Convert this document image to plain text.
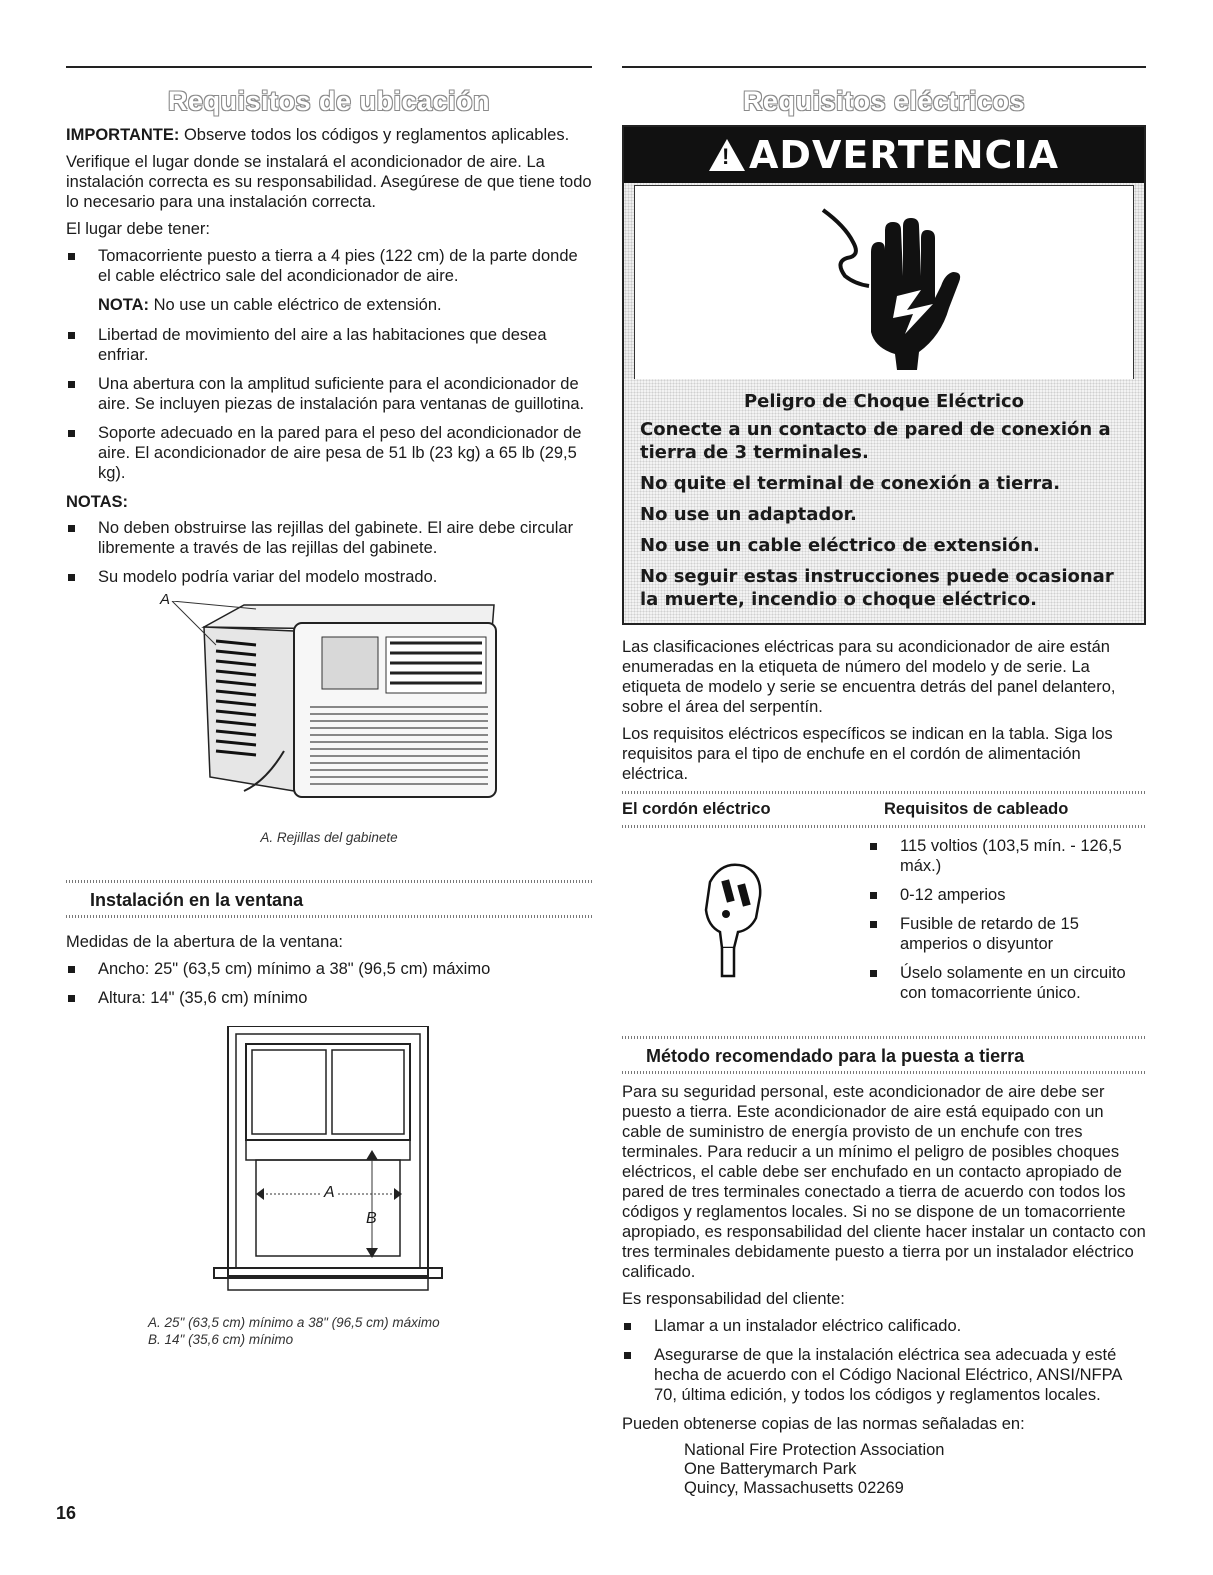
Requisitos de ubicación

IMPORTANTE: Observe todos los códigos y reglamentos aplicables.

Verifique el lugar donde se instalará el acondicionador de aire. La instalación correcta es su responsabilidad. Asegúrese de que tiene todo lo necesario para una instalación correcta.

El lugar debe tener:

Tomacorriente puesto a tierra a 4 pies (122 cm) de la parte donde el cable eléctrico sale del acondicionador de aire.

NOTA: No use un cable eléctrico de extensión.

Libertad de movimiento del aire a las habitaciones que desea enfriar.
Una abertura con la amplitud suficiente para el acondicionador de aire. Se incluyen piezas de instalación para ventanas de guillotina.
Soporte adecuado en la pared para el peso del acondicionador de aire. El acondicionador de aire pesa de 51 lb (23 kg) a 65 lb (29,5 kg).

NOTAS:

No deben obstruirse las rejillas del gabinete. El aire debe circular libremente a través de las rejillas del gabinete.
Su modelo podría variar del modelo mostrado.
A
A. Rejillas del gabinete
Instalación en la ventana

Medidas de la abertura de la ventana:

Ancho: 25" (63,5 cm) mínimo a 38" (96,5 cm) máximo
Altura: 14" (35,6 cm) mínimo
A
B
A. 25" (63,5 cm) mínimo a 38" (96,5 cm) máximo
B. 14" (35,6 cm) mínimo
Requisitos eléctricos
! ADVERTENCIA
Peligro de Choque Eléctrico
Conecte a un contacto de pared de conexión a tierra de 3 terminales.
No quite el terminal de conexión a tierra.
No use un adaptador.
No use un cable eléctrico de extensión.
No seguir estas instrucciones puede ocasionar la muerte, incendio o choque eléctrico.

Las clasificaciones eléctricas para su acondicionador de aire están enumeradas en la etiqueta de número del modelo y de serie. La etiqueta de modelo y serie se encuentra detrás del panel delantero, sobre el área del serpentín.

Los requisitos eléctricos específicos se indican en la tabla. Siga los requisitos para el tipo de enchufe en el cordón de alimentación eléctrica.

El cordón eléctrico	Requisitos de cableado
115 voltios (103,5 mín. - 126,5 máx.)
0-12 amperios
Fusible de retardo de 15 amperios o disyuntor
Úselo solamente en un circuito con tomacorriente único.
Método recomendado para la puesta a tierra

Para su seguridad personal, este acondicionador de aire debe ser puesto a tierra. Este acondicionador de aire está equipado con un cable de suministro de energía provisto de un enchufe con tres terminales. Para reducir a un mínimo el peligro de posibles choques eléctricos, el cable debe ser enchufado en un contacto apropiado de pared de tres terminales conectado a tierra de acuerdo con todos los códigos y reglamentos locales. Si no se dispone de un tomacorriente apropiado, es responsabilidad del cliente hacer instalar un contacto con tres terminales debidamente puesto a tierra por un instalador eléctrico calificado.

Es responsabilidad del cliente:

Llamar a un instalador eléctrico calificado.
Asegurarse de que la instalación eléctrica sea adecuada y esté hecha de acuerdo con el Código Nacional Eléctrico, ANSI/NFPA 70, última edición, y todos los códigos y reglamentos locales.

Pueden obtenerse copias de las normas señaladas en:

National Fire Protection Association
One Batterymarch Park
Quincy, Massachusetts 02269
16
